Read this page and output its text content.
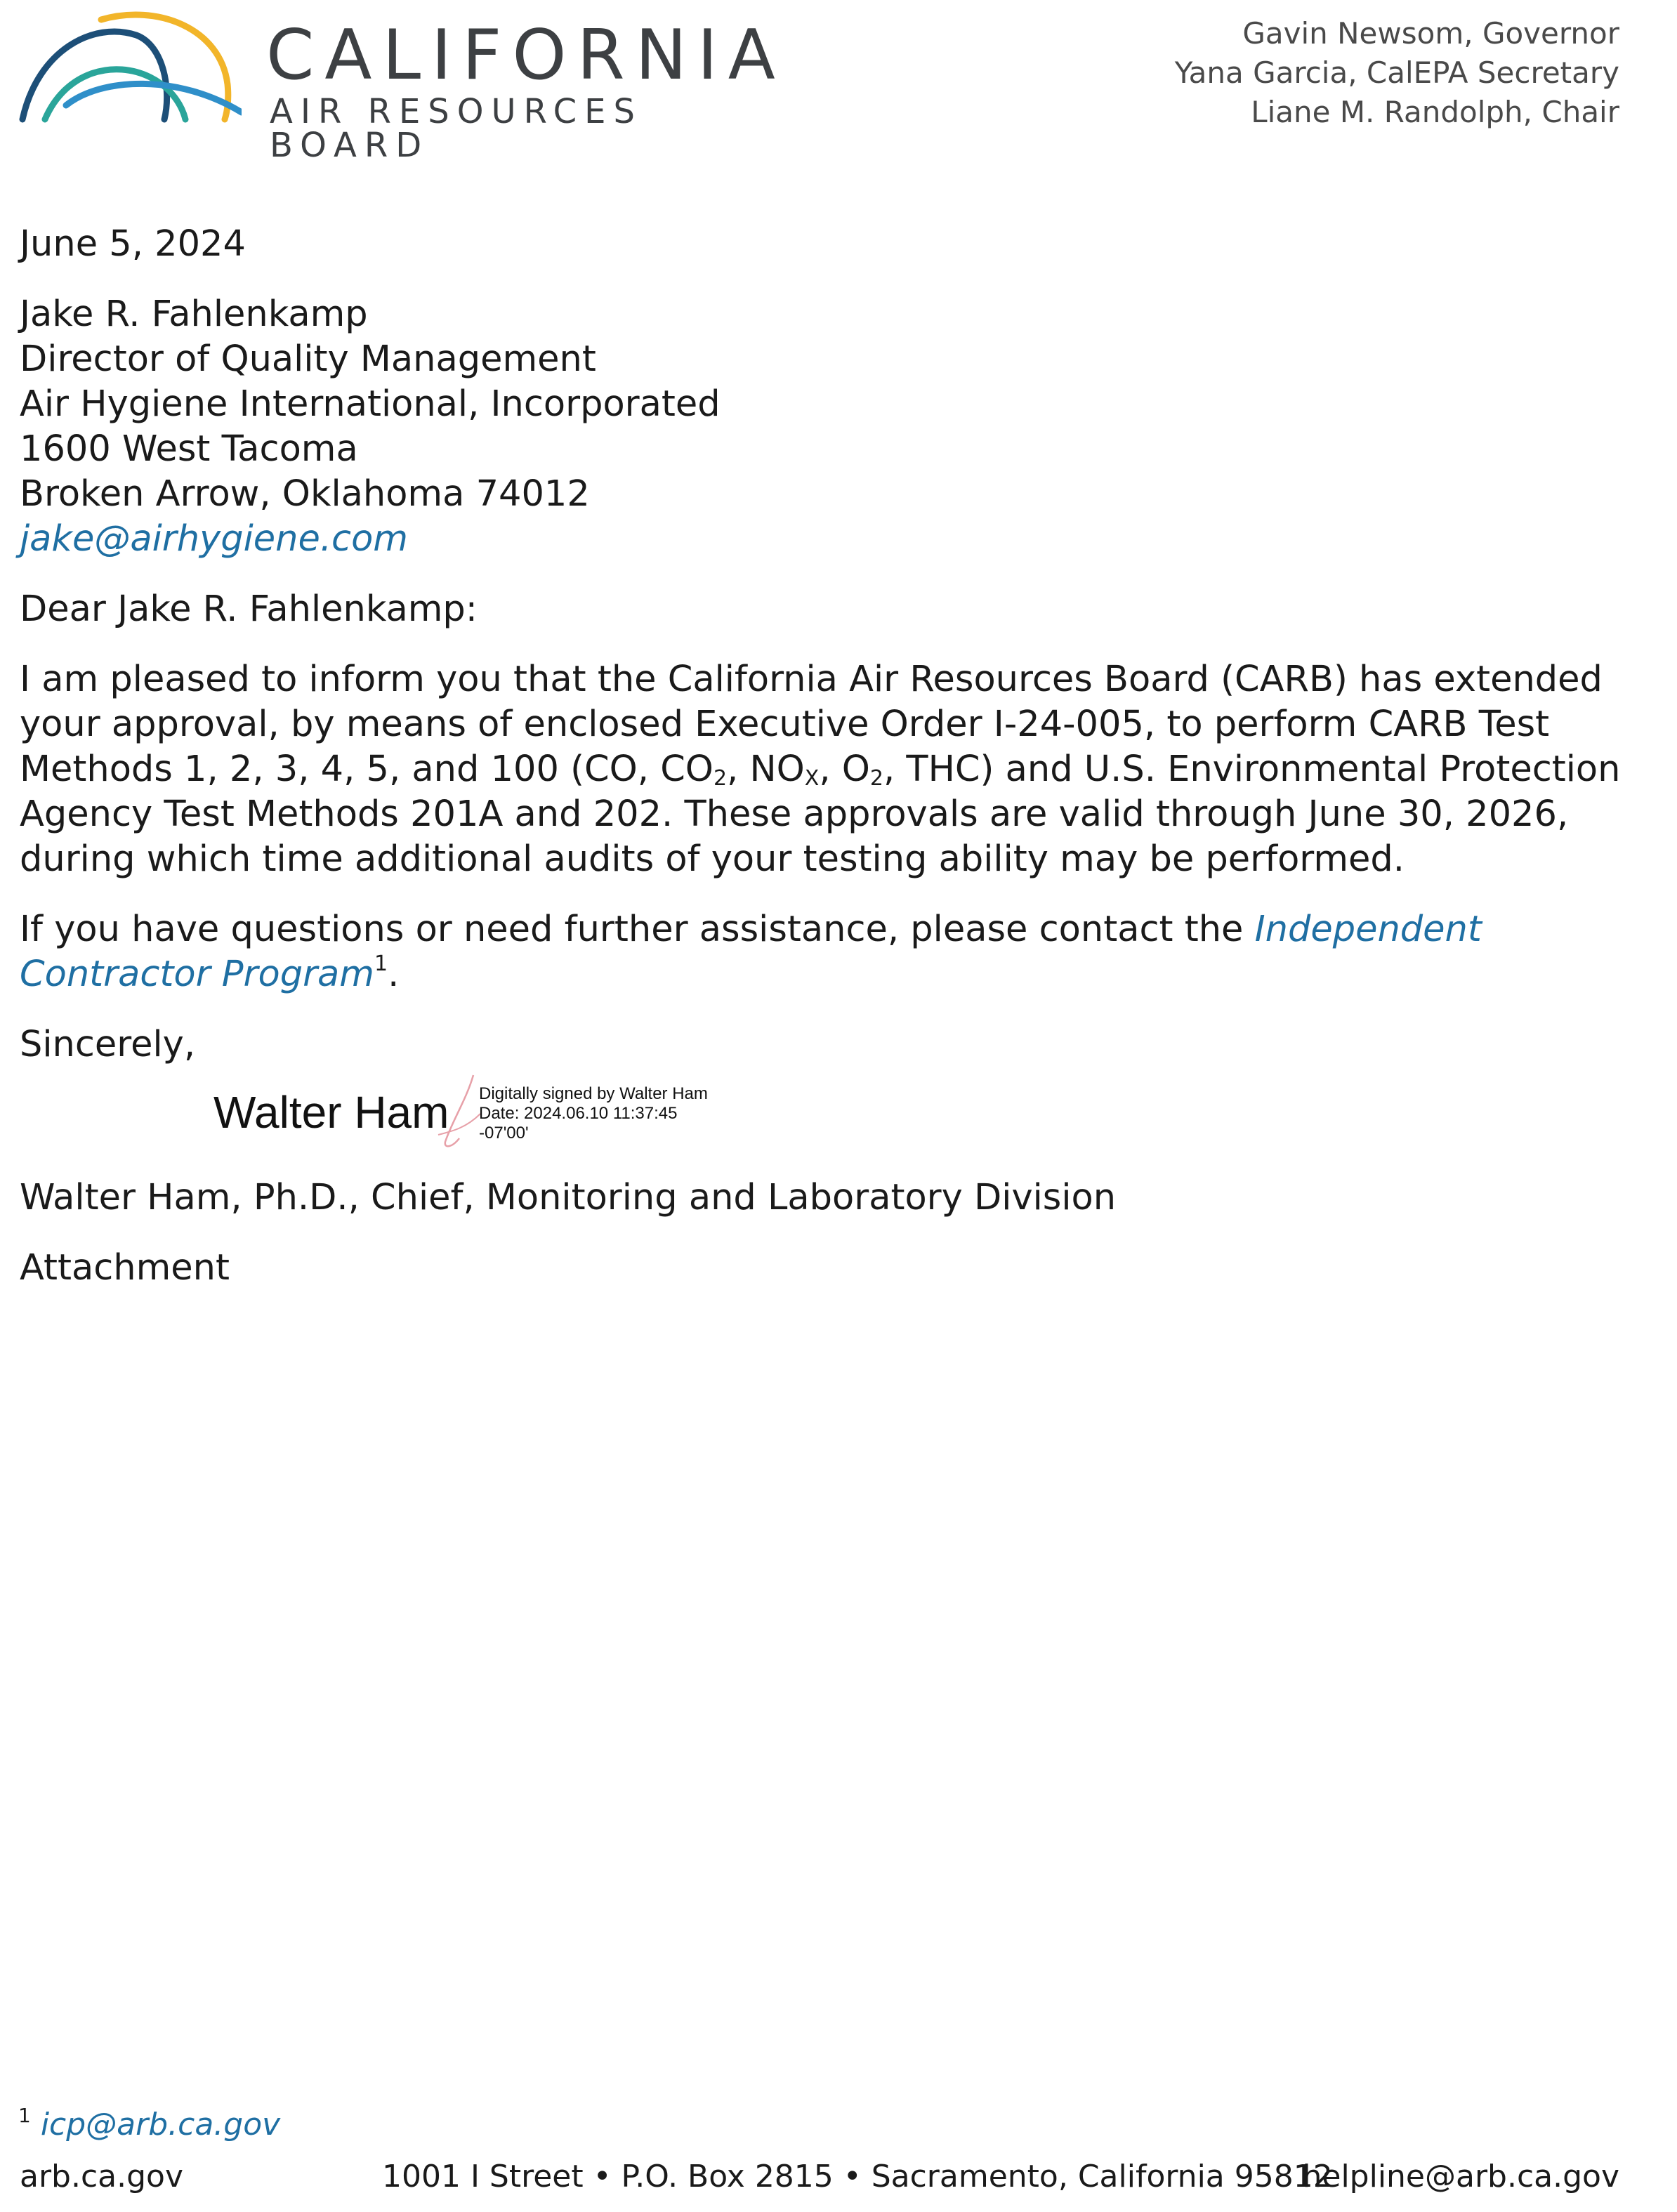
CALIFORNIA
AIR RESOURCES BOARD
Gavin Newsom, Governor
Yana Garcia, CalEPA Secretary
Liane M. Randolph, Chair

June 5, 2024

Jake R. Fahlenkamp
Director of Quality Management
Air Hygiene International, Incorporated
1600 West Tacoma
Broken Arrow, Oklahoma 74012
jake@airhygiene.com

Dear Jake R. Fahlenkamp:

I am pleased to inform you that the California Air Resources Board (CARB) has extended your approval, by means of enclosed Executive Order I-24-005, to perform CARB Test Methods 1, 2, 3, 4, 5, and 100 (CO, $CO_2$, $NO_X$, $O_2$, THC) and U.S. Environmental Protection Agency Test Methods 201A and 202. These approvals are valid through June 30, 2026, during which time additional audits of your testing ability may be performed.

If you have questions or need further assistance, please contact the Independent Contractor Program$^1$.

Sincerely,

Walter Ham Digitally signed by Walter Ham
Date: 2024.06.10 11:37:45
-07'00'

Walter Ham, Ph.D., Chief, Monitoring and Laboratory Division

Attachment

$^1$ icp@arb.ca.gov
arb.ca.gov	1001 I Street • P.O. Box 2815 • Sacramento, California 95812
helpline@arb.ca.gov
